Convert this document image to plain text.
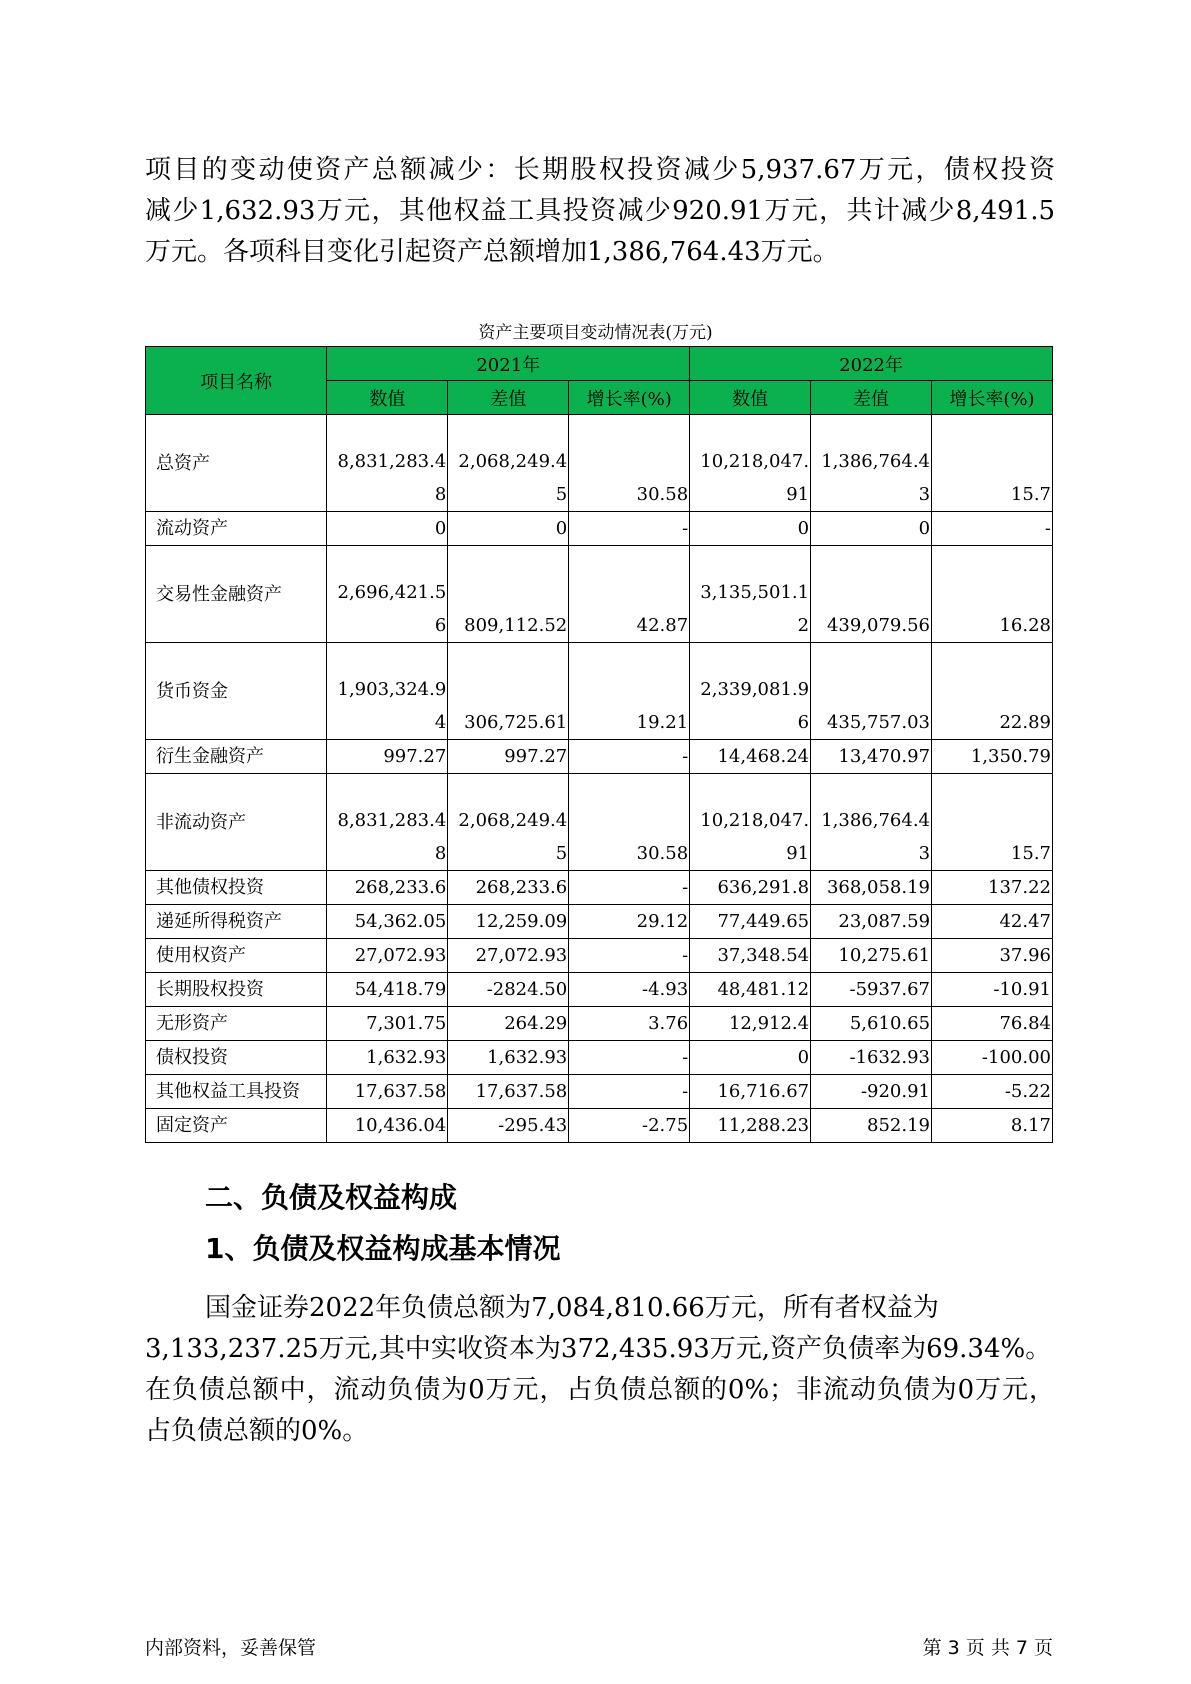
项目的变动使资产总额减少：长期股权投资减少5,937.67万元，债权投资
减少1,632.93万元，其他权益工具投资减少920.91万元，共计减少8,491.5
万元。各项科目变化引起资产总额增加1,386,764.43万元。
资产主要项目变动情况表(万元)
项目名称	2021年			2022年		
	数值	差值	增长率(%)	数值	差值	增长率(%)
总资产	8,831,283.48	2,068,249.45	30.58	10,218,047.91	1,386,764.43	15.7
流动资产	0	0	-	0	0	-
交易性金融资产	2,696,421.56	809,112.52	42.87	3,135,501.12	439,079.56	16.28
货币资金	1,903,324.94	306,725.61	19.21	2,339,081.96	435,757.03	22.89
衍生金融资产	997.27	997.27	-	14,468.24	13,470.97	1,350.79
非流动资产	8,831,283.48	2,068,249.45	30.58	10,218,047.91	1,386,764.43	15.7
其他债权投资	268,233.6	268,233.6	-	636,291.8	368,058.19	137.22
递延所得税资产	54,362.05	12,259.09	29.12	77,449.65	23,087.59	42.47
使用权资产	27,072.93	27,072.93	-	37,348.54	10,275.61	37.96
长期股权投资	54,418.79	-2824.50	-4.93	48,481.12	-5937.67	-10.91
无形资产	7,301.75	264.29	3.76	12,912.4	5,610.65	76.84
债权投资	1,632.93	1,632.93	-	0	-1632.93	-100.00
其他权益工具投资	17,637.58	17,637.58	-	16,716.67	-920.91	-5.22
固定资产	10,436.04	-295.43	-2.75	11,288.23	852.19	8.17
二、负债及权益构成
1、负债及权益构成基本情况
国金证券2022年负债总额为7,084,810.66万元，所有者权益为
3,133,237.25万元,其中实收资本为372,435.93万元,资产负债率为69.34%。
在负债总额中，流动负债为0万元，占负债总额的0%；非流动负债为0万元，
占负债总额的0%。
内部资料，妥善保管	第 3 页 共 7 页
